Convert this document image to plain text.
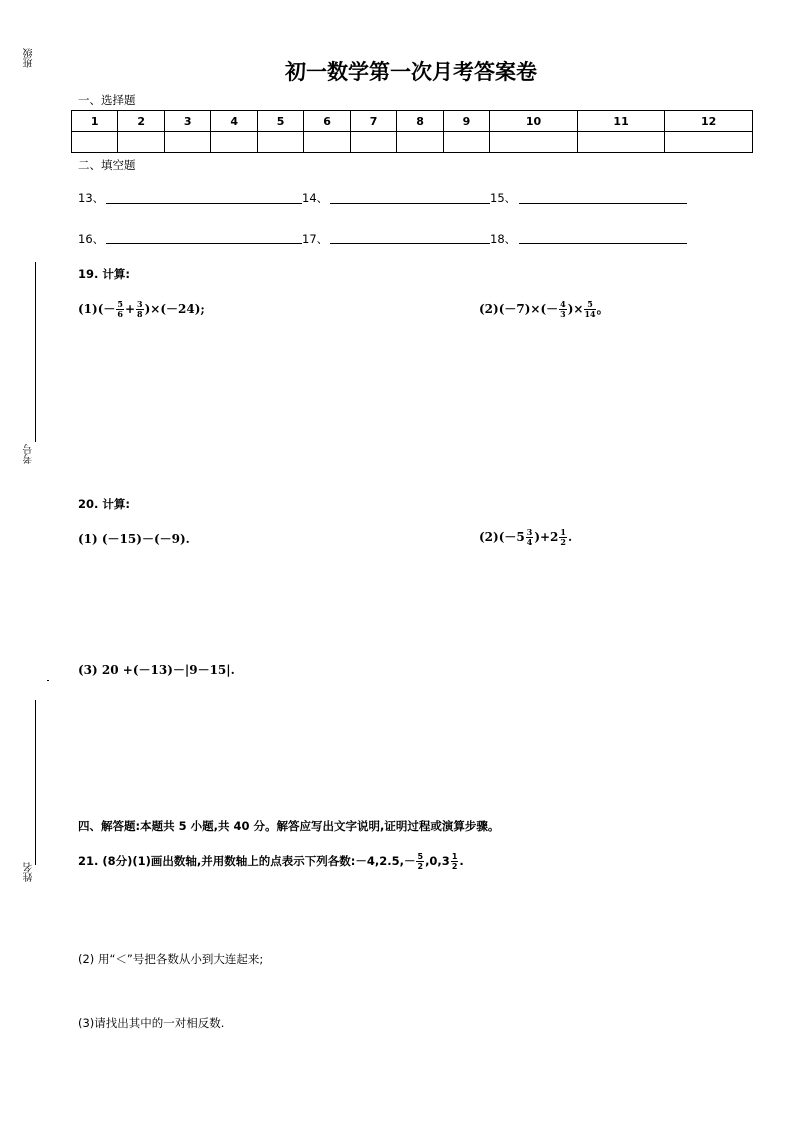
班级
考号
姓名
初一数学第一次月考答案卷
一、选择题
1	2	3	4	5	6	7	8	9	10	11	12

二、填空题
13、	14、	15、
16、	17、	18、
19. 计算:
$(1)(- \frac{5}{6} + \frac{3}{8} )\times(-24)$;	$(2)(-7)\times(- \frac{4}{3}$ )× $\frac{5}{14}$ 。
20. 计算:
(1) (－15)－(－9).	$(2)(-5 \frac{3}{4} )+2 \frac{1}{2}$ .
(3) 20 +(－13)－|9－15|.
四、解答题:本题共 5 小题,共 40 分。解答应写出文字说明,证明过程或演算步骤。
21. (8分)(1)画出数轴,并用数轴上的点表示下列各数:－4,2.5,－ $\frac{5}{2} ,0,3 \frac{1}{2}$ .
(2) 用“＜”号把各数从小到大连起来;
(3)请找出其中的一对相反数.
